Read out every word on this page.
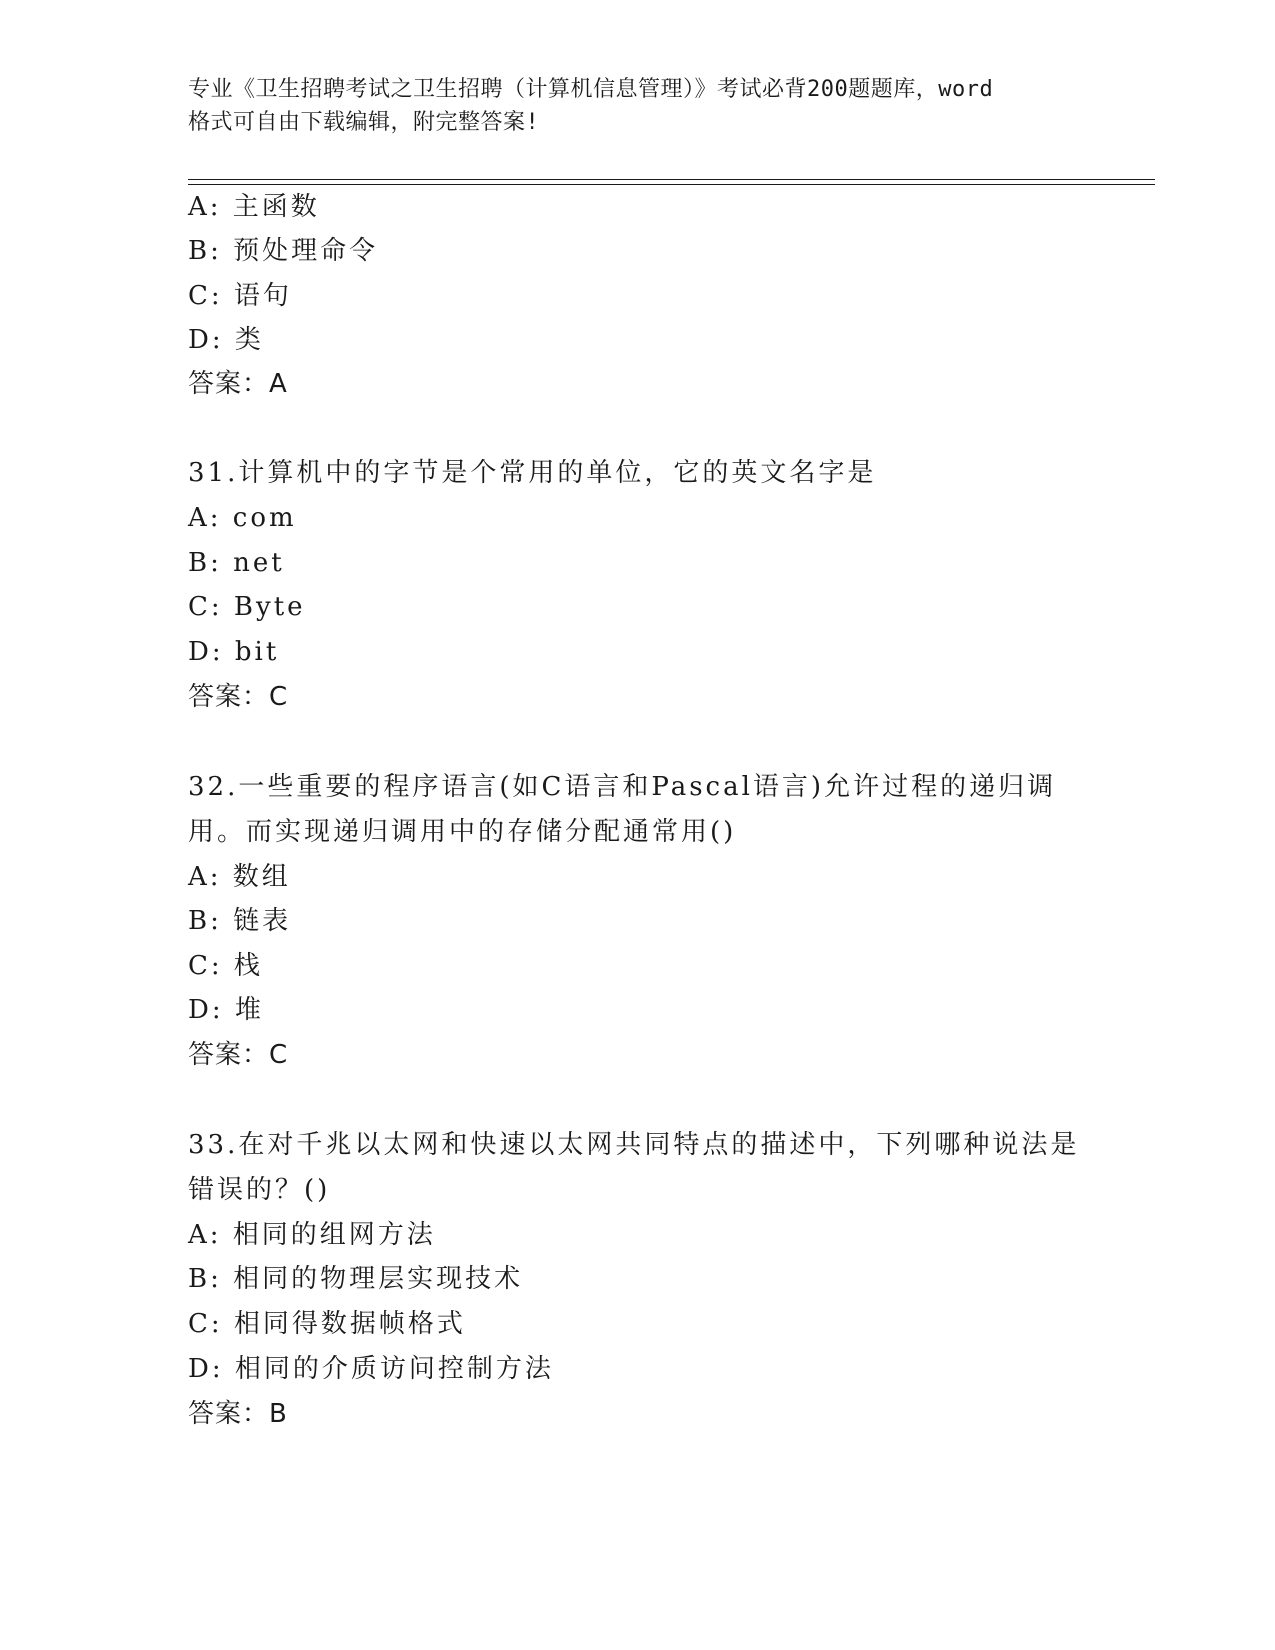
专业《卫生招聘考试之卫生招聘（计算机信息管理）》考试必背200题题库，word
格式可自由下载编辑，附完整答案!
A: 主函数
B: 预处理命令
C: 语句
D: 类
答案：A
31.计算机中的字节是个常用的单位，它的英文名字是
A: com
B: net
C: Byte
D: bit
答案：C
32.一些重要的程序语言(如C语言和Pascal语言)允许过程的递归调
用。而实现递归调用中的存储分配通常用()
A: 数组
B: 链表
C: 栈
D: 堆
答案：C
33.在对千兆以太网和快速以太网共同特点的描述中，下列哪种说法是
错误的？()
A: 相同的组网方法
B: 相同的物理层实现技术
C: 相同得数据帧格式
D: 相同的介质访问控制方法
答案：B
